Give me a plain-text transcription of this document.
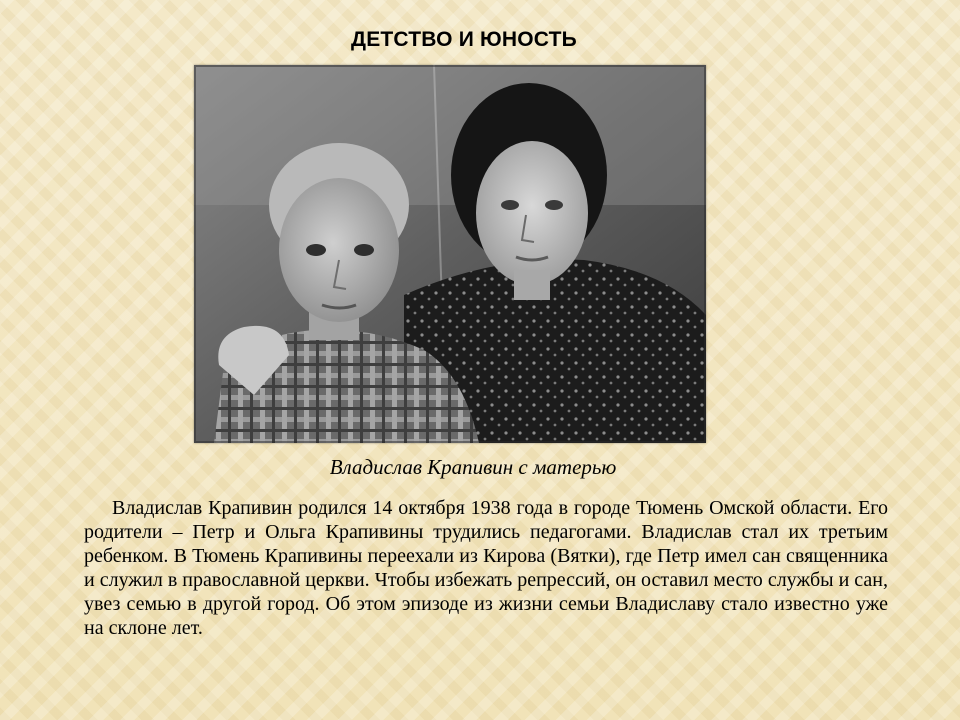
ДЕТСТВО И ЮНОСТЬ
Владислав Крапивин с матерью
Владислав Крапивин родился 14 октября 1938 года в городе Тюмень Омской области. Его родители – Петр и Ольга Крапивины трудились педагогами. Владислав стал их третьим ребенком. В Тюмень Крапивины переехали из Кирова (Вятки), где Петр имел сан священника и служил в православной церкви. Чтобы избежать репрессий, он оставил место службы и сан, увез семью в другой город. Об этом эпизоде из жизни семьи Владиславу стало известно уже на склоне лет.
